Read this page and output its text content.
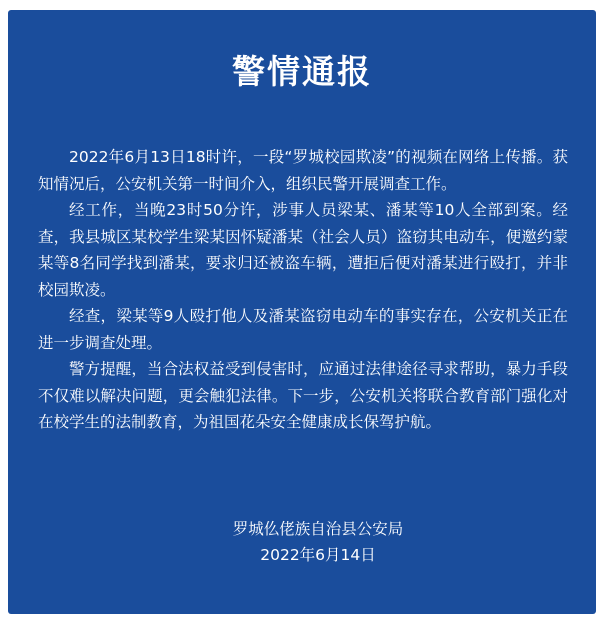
警情通报

2022年6月13日18时许，一段“罗城校园欺凌”的视频在网络上传播。获知情况后，公安机关第一时间介入，组织民警开展调查工作。

经工作，当晚23时50分许，涉事人员梁某、潘某等10人全部到案。经查，我县城区某校学生梁某因怀疑潘某（社会人员）盗窃其电动车，便邀约蒙某等8名同学找到潘某，要求归还被盗车辆，遭拒后便对潘某进行殴打，并非校园欺凌。

经查，梁某等9人殴打他人及潘某盗窃电动车的事实存在，公安机关正在进一步调查处理。

警方提醒，当合法权益受到侵害时，应通过法律途径寻求帮助，暴力手段不仅难以解决问题，更会触犯法律。下一步，公安机关将联合教育部门强化对在校学生的法制教育，为祖国花朵安全健康成长保驾护航。

罗城仫佬族自治县公安局
2022年6月14日
